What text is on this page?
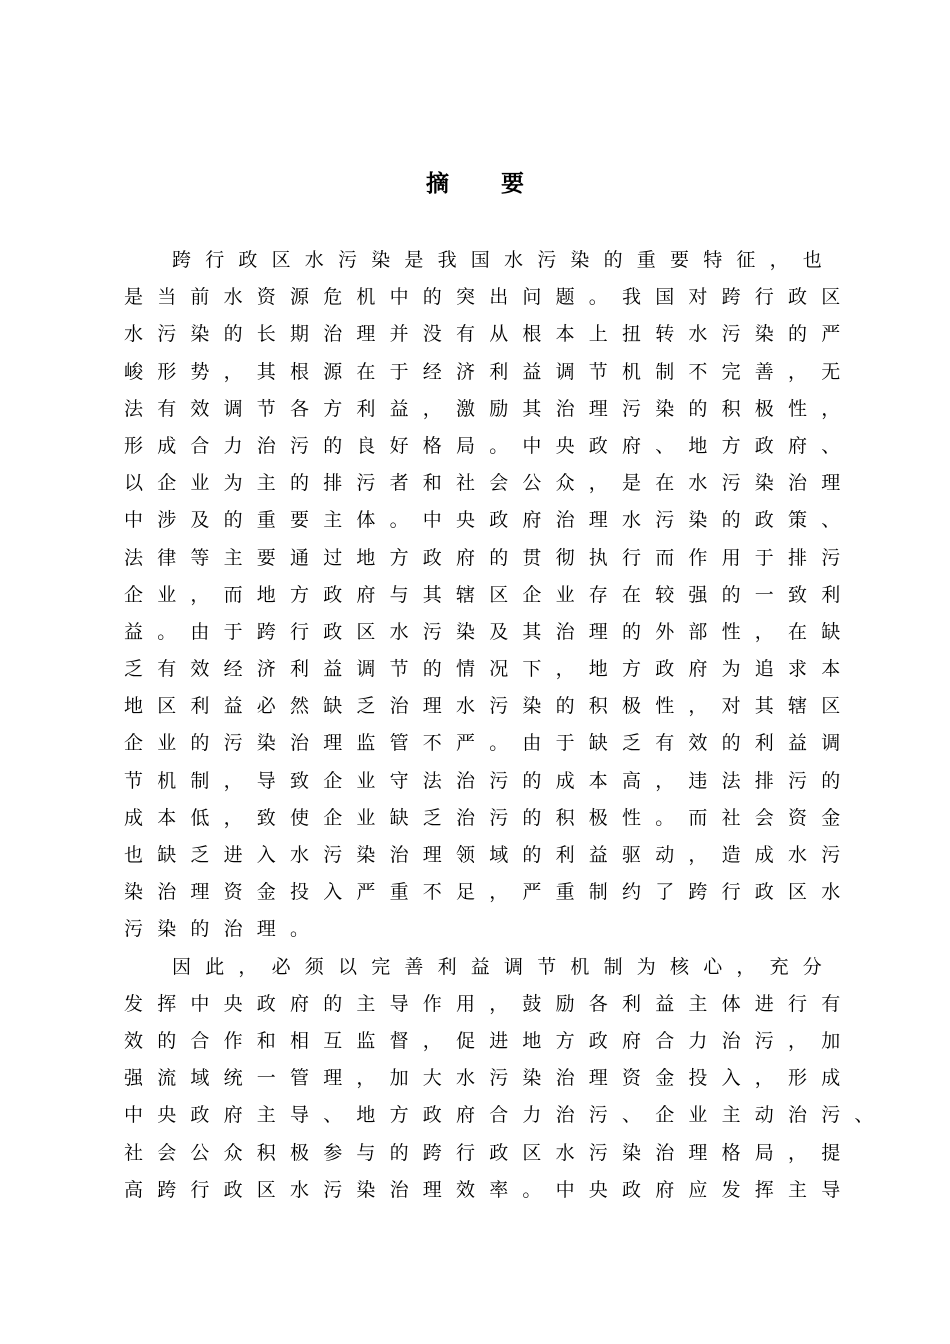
摘 要
跨行政区水污染是我国水污染的重要特征，也
是当前水资源危机中的突出问题。我国对跨行政区
水污染的长期治理并没有从根本上扭转水污染的严
峻形势，其根源在于经济利益调节机制不完善，无
法有效调节各方利益，激励其治理污染的积极性，
形成合力治污的良好格局。中央政府、地方政府、
以企业为主的排污者和社会公众，是在水污染治理
中涉及的重要主体。中央政府治理水污染的政策、
法律等主要通过地方政府的贯彻执行而作用于排污
企业，而地方政府与其辖区企业存在较强的一致利
益。由于跨行政区水污染及其治理的外部性，在缺
乏有效经济利益调节的情况下，地方政府为追求本
地区利益必然缺乏治理水污染的积极性，对其辖区
企业的污染治理监管不严。由于缺乏有效的利益调
节机制，导致企业守法治污的成本高，违法排污的
成本低，致使企业缺乏治污的积极性。而社会资金
也缺乏进入水污染治理领域的利益驱动，造成水污
染治理资金投入严重不足，严重制约了跨行政区水
污染的治理。
因此，必须以完善利益调节机制为核心，充分
发挥中央政府的主导作用，鼓励各利益主体进行有
效的合作和相互监督，促进地方政府合力治污，加
强流域统一管理，加大水污染治理资金投入，形成
中央政府主导、地方政府合力治污、企业主动治污、
社会公众积极参与的跨行政区水污染治理格局，提
高跨行政区水污染治理效率。中央政府应发挥主导
